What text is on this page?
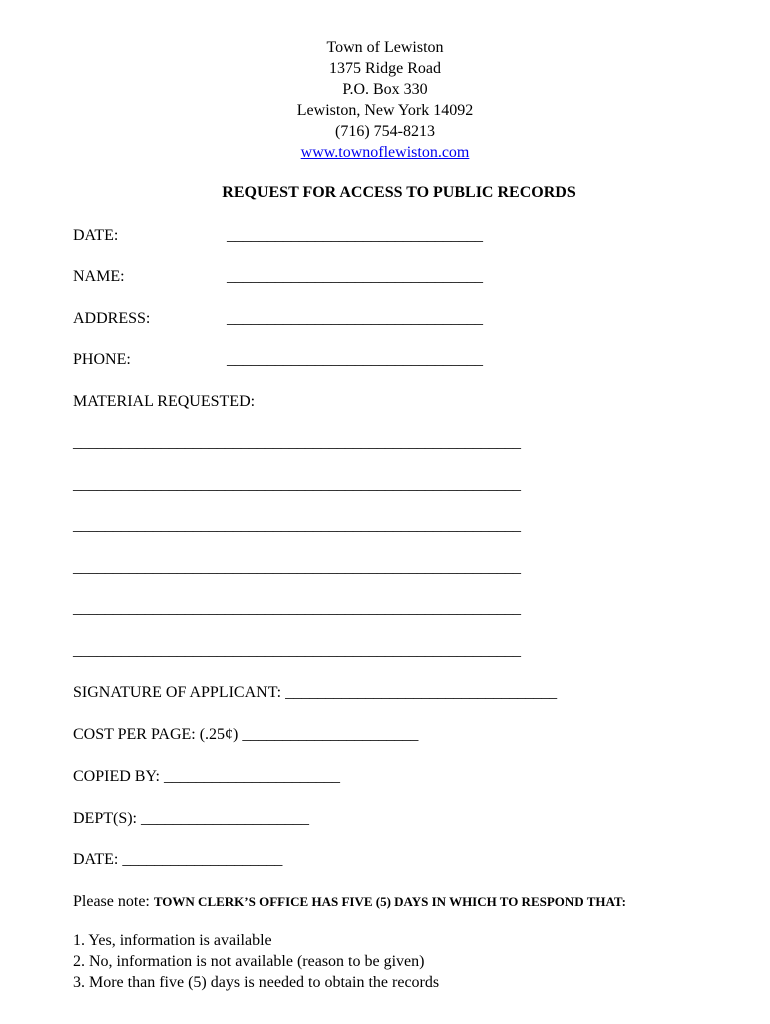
Town of Lewiston
1375 Ridge Road
P.O. Box 330
Lewiston, New York 14092
(716) 754-8213
www.townoflewiston.com
REQUEST FOR ACCESS TO PUBLIC RECORDS
DATE:	________________________________
NAME:	________________________________
ADDRESS:	________________________________
PHONE:	________________________________
MATERIAL REQUESTED:
________________________________________________________
________________________________________________________
________________________________________________________
________________________________________________________
________________________________________________________
________________________________________________________
SIGNATURE OF APPLICANT: __________________________________
COST PER PAGE: (.25¢) ______________________
COPIED BY: ______________________
DEPT(S): _____________________
DATE: ____________________
Please note: TOWN CLERK’S OFFICE HAS FIVE (5) DAYS IN WHICH TO RESPOND THAT:
1. Yes, information is available
2. No, information is not available (reason to be given)
3. More than five (5) days is needed to obtain the records
